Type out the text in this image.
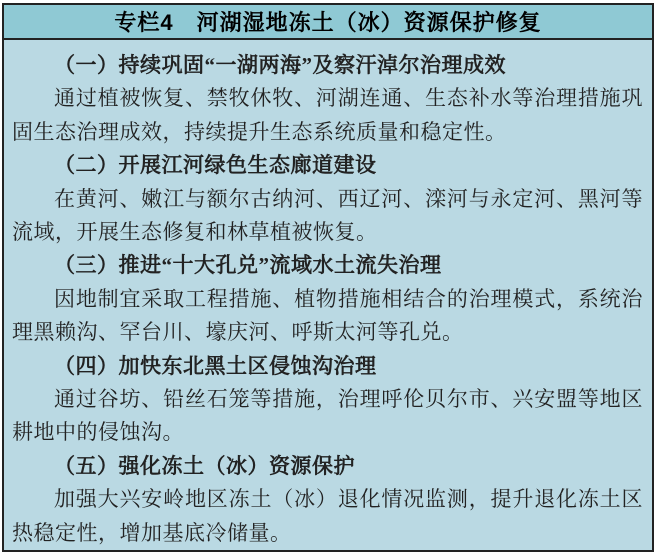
专栏4　河湖湿地冻土（冰）资源保护修复

（一）持续巩固“一湖两海”及察汗淖尔治理成效

通过植被恢复、禁牧休牧、河湖连通、生态补水等治理措施巩固生态治理成效，持续提升生态系统质量和稳定性。

（二）开展江河绿色生态廊道建设

在黄河、嫩江与额尔古纳河、西辽河、滦河与永定河、黑河等流域，开展生态修复和林草植被恢复。

（三）推进“十大孔兑”流域水土流失治理

因地制宜采取工程措施、植物措施相结合的治理模式，系统治理黑赖沟、罕台川、壕庆河、呼斯太河等孔兑。

（四）加快东北黑土区侵蚀沟治理

通过谷坊、铅丝石笼等措施，治理呼伦贝尔市、兴安盟等地区耕地中的侵蚀沟。

（五）强化冻土（冰）资源保护

加强大兴安岭地区冻土（冰）退化情况监测，提升退化冻土区热稳定性，增加基底冷储量。
